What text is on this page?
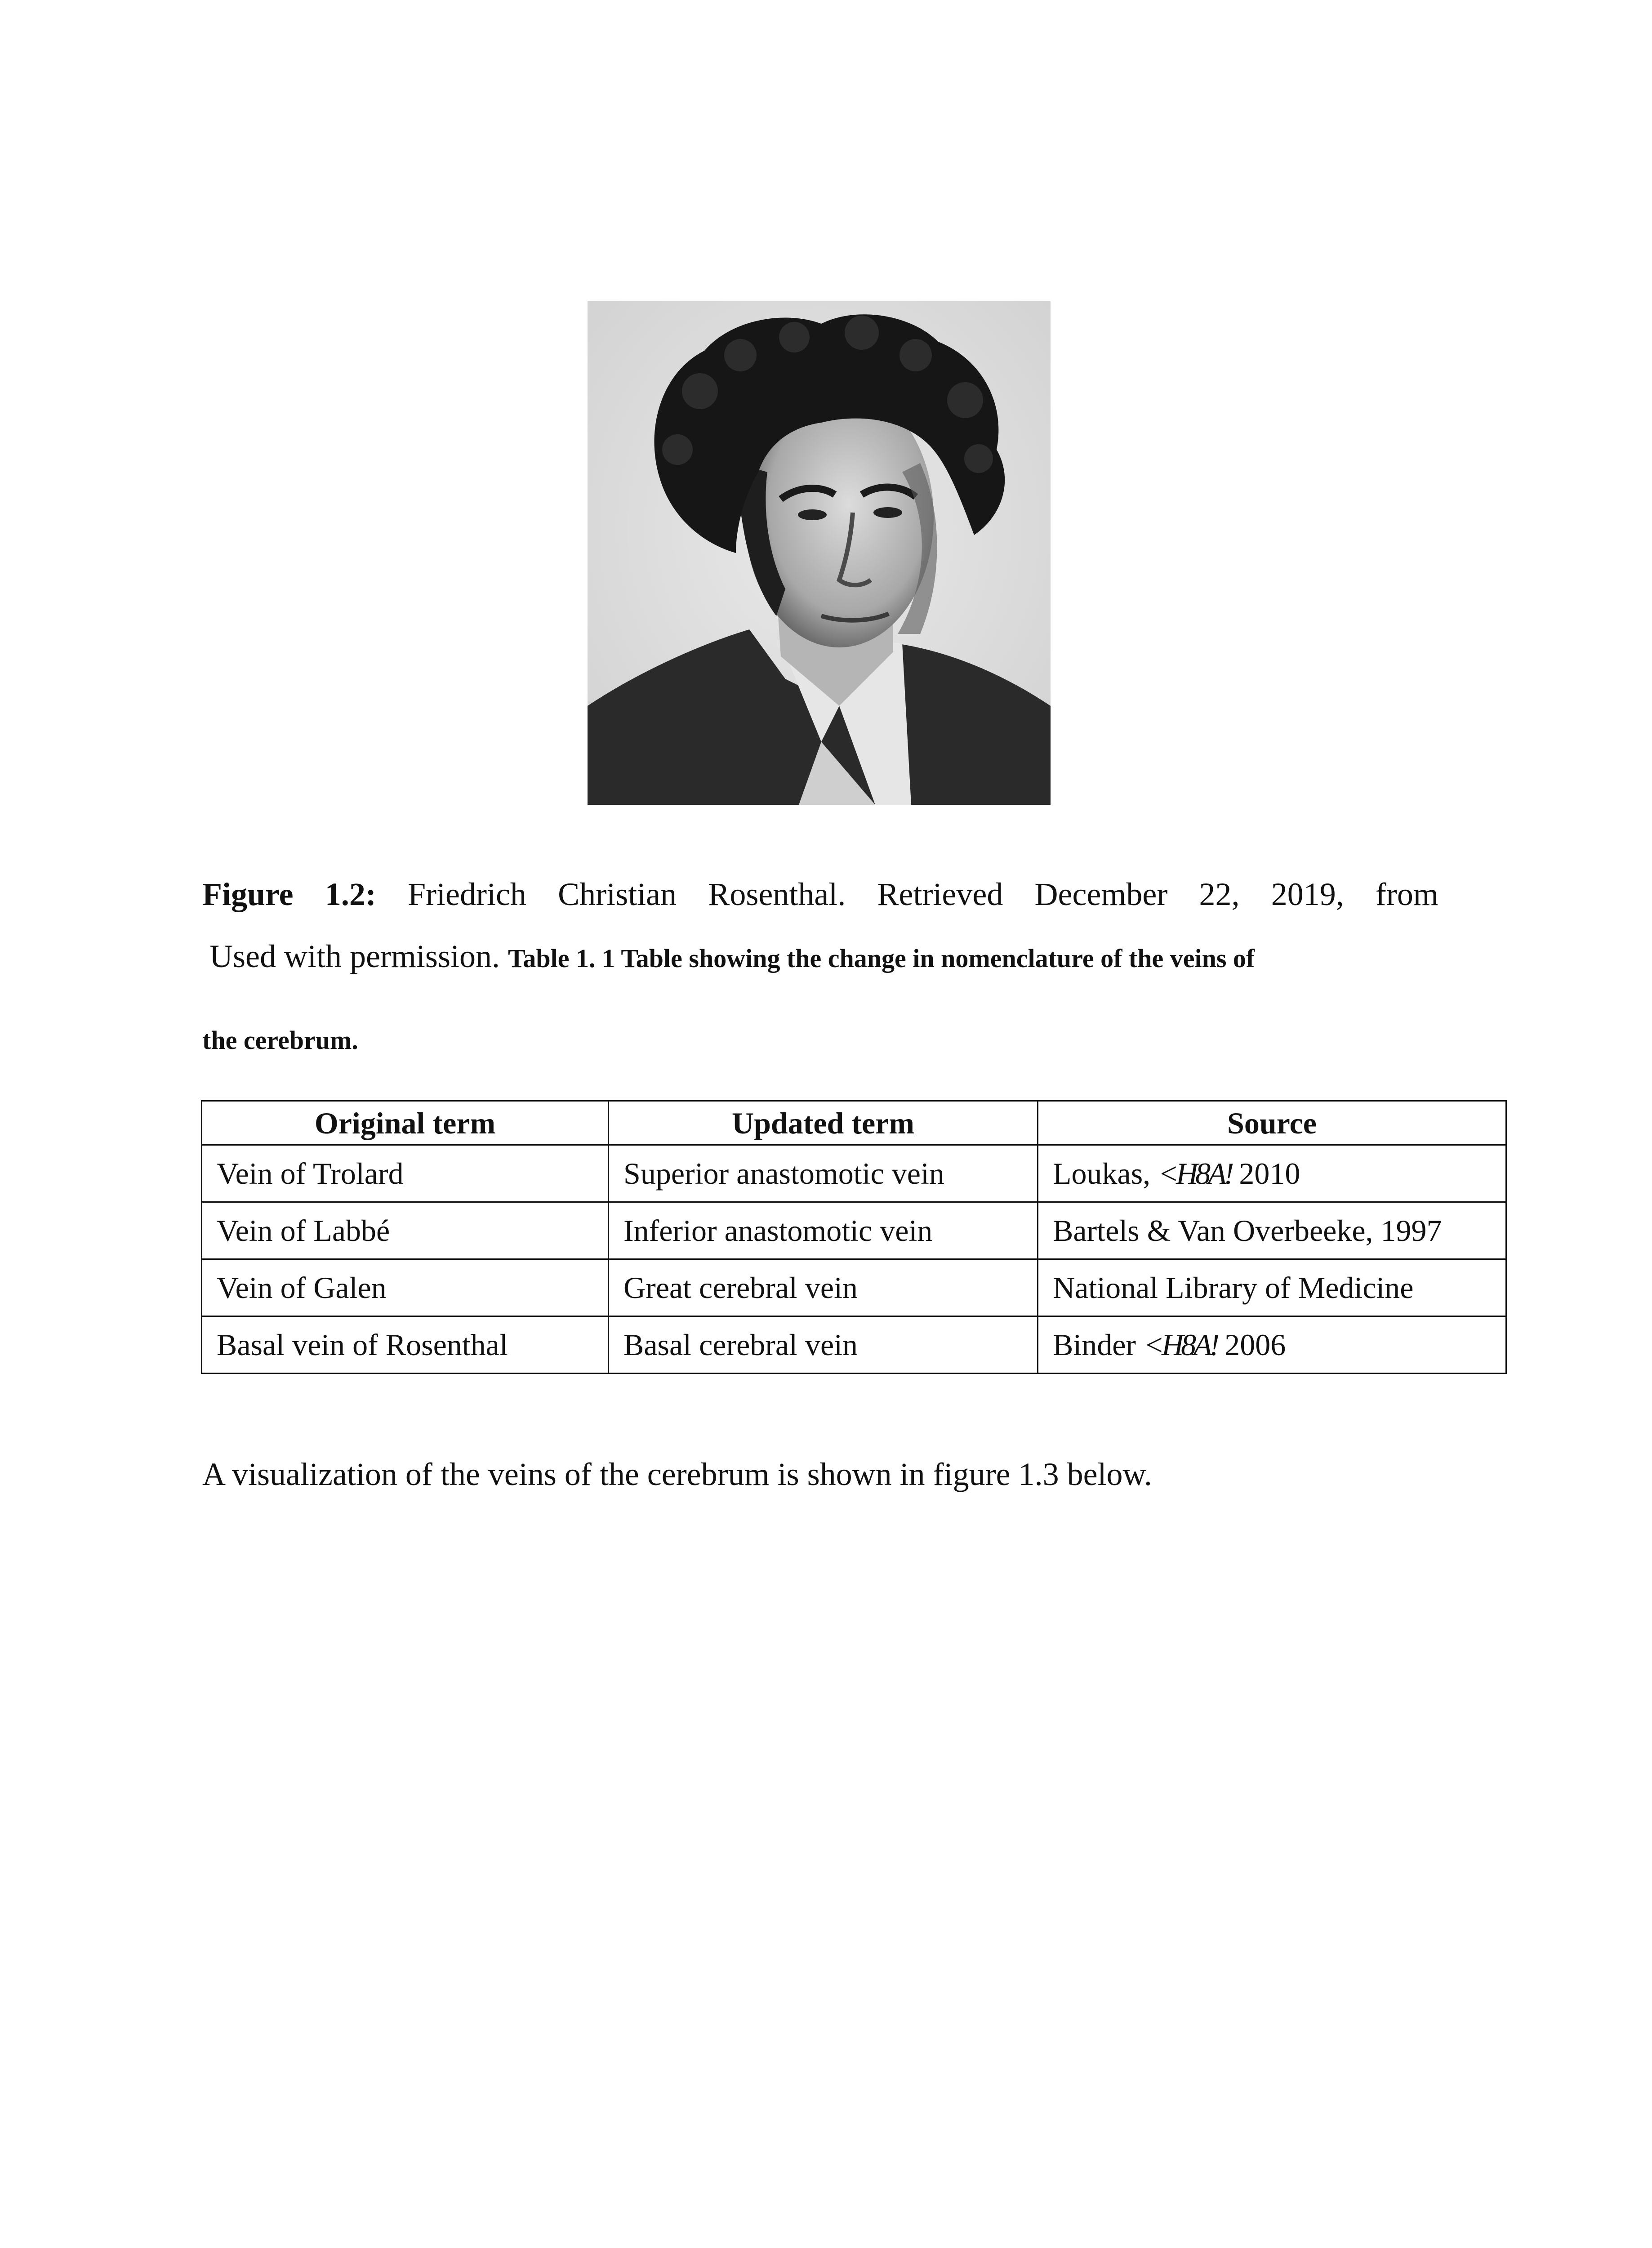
Figure 1.2: Friedrich Christian Rosenthal. Retrieved December 22, 2019, from
Used with permission. Table 1. 1 Table showing the change in nomenclature of the veins of
the cerebrum.
Original term	Updated term	Source
Vein of Trolard	Superior anastomotic vein	Loukas, <H8A! 2010
Vein of Labbé	Inferior anastomotic vein	Bartels & Van Overbeeke, 1997
Vein of Galen	Great cerebral vein	National Library of Medicine
Basal vein of Rosenthal	Basal cerebral vein	Binder <H8A! 2006
A visualization of the veins of the cerebrum is shown in figure 1.3 below.
